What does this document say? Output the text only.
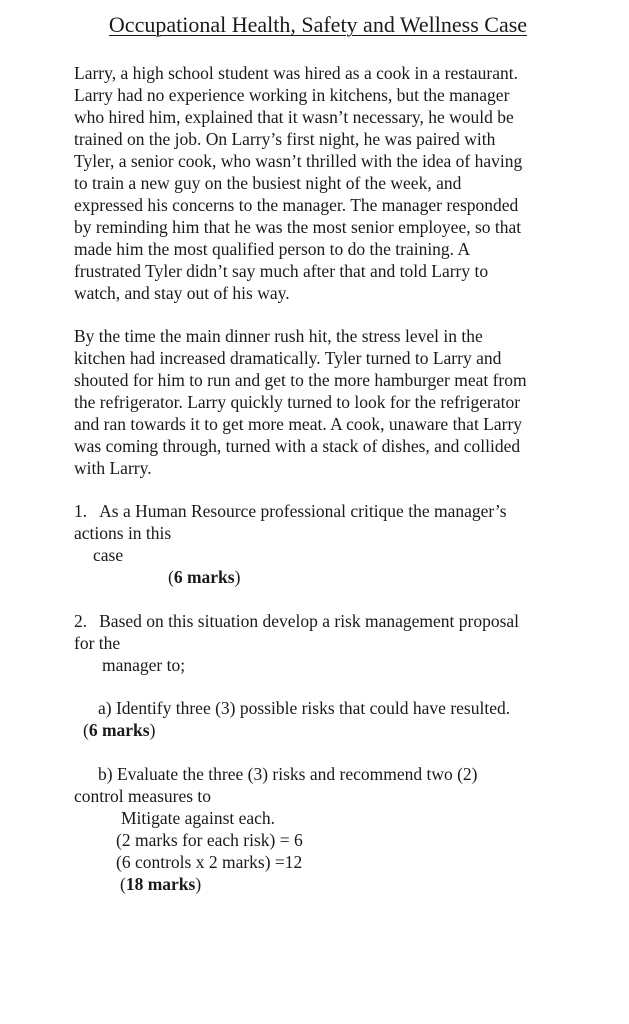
Occupational Health, Safety and Wellness Case
Larry, a high school student was hired as a cook in a restaurant.
Larry had no experience working in kitchens, but the manager
who hired him, explained that it wasn’t necessary, he would be
trained on the job. On Larry’s first night, he was paired with
Tyler, a senior cook, who wasn’t thrilled with the idea of having
to train a new guy on the busiest night of the week, and
expressed his concerns to the manager. The manager responded
by reminding him that he was the most senior employee, so that
made him the most qualified person to do the training. A
frustrated Tyler didn’t say much after that and told Larry to
watch, and stay out of his way.
By the time the main dinner rush hit, the stress level in the
kitchen had increased dramatically. Tyler turned to Larry and
shouted for him to run and get to the more hamburger meat from
the refrigerator. Larry quickly turned to look for the refrigerator
and ran towards it to get more meat. A cook, unaware that Larry
was coming through, turned with a stack of dishes, and collided
with Larry.
1. As a Human Resource professional critique the manager’s
actions in this
case
(6 marks)
2. Based on this situation develop a risk management proposal
for the
manager to;
a) Identify three (3) possible risks that could have resulted.
(6 marks)
b) Evaluate the three (3) risks and recommend two (2)
control measures to
Mitigate against each.
(2 marks for each risk) = 6
(6 controls x 2 marks) =12
(18 marks)
